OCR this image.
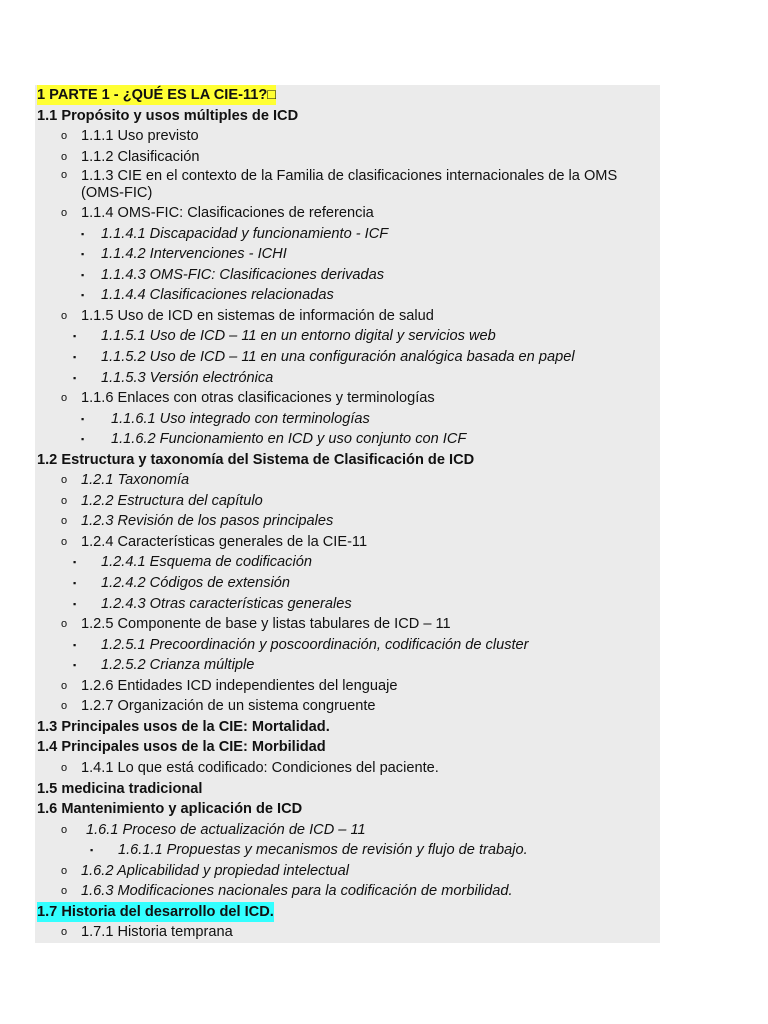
1 PARTE 1 - ¿QUÉ ES LA CIE-11?□
1.1 Propósito y usos múltiples de ICD
o 1.1.1 Uso previsto
o 1.1.2 Clasificación
o 1.1.3 CIE en el contexto de la Familia de clasificaciones internacionales de la OMS (OMS-FIC)
o 1.1.4 OMS-FIC: Clasificaciones de referencia
▪ 1.1.4.1 Discapacidad y funcionamiento - ICF
▪ 1.1.4.2 Intervenciones - ICHI
▪ 1.1.4.3 OMS-FIC: Clasificaciones derivadas
▪ 1.1.4.4 Clasificaciones relacionadas
o 1.1.5 Uso de ICD en sistemas de información de salud
▪ 1.1.5.1 Uso de ICD – 11 en un entorno digital y servicios web
▪ 1.1.5.2 Uso de ICD – 11 en una configuración analógica basada en papel
▪ 1.1.5.3 Versión electrónica
o 1.1.6 Enlaces con otras clasificaciones y terminologías
▪ 1.1.6.1 Uso integrado con terminologías
▪ 1.1.6.2 Funcionamiento en ICD y uso conjunto con ICF
1.2 Estructura y taxonomía del Sistema de Clasificación de ICD
o 1.2.1 Taxonomía
o 1.2.2 Estructura del capítulo
o 1.2.3 Revisión de los pasos principales
o 1.2.4 Características generales de la CIE-11
▪ 1.2.4.1 Esquema de codificación
▪ 1.2.4.2 Códigos de extensión
▪ 1.2.4.3 Otras características generales
o 1.2.5 Componente de base y listas tabulares de ICD – 11
▪ 1.2.5.1 Precoordinación y poscoordinación, codificación de cluster
▪ 1.2.5.2 Crianza múltiple
o 1.2.6 Entidades ICD independientes del lenguaje
o 1.2.7 Organización de un sistema congruente
1.3 Principales usos de la CIE: Mortalidad.
1.4 Principales usos de la CIE: Morbilidad
o 1.4.1 Lo que está codificado: Condiciones del paciente.
1.5 medicina tradicional
1.6 Mantenimiento y aplicación de ICD
o 1.6.1 Proceso de actualización de ICD – 11
▪ 1.6.1.1 Propuestas y mecanismos de revisión y flujo de trabajo.
o 1.6.2 Aplicabilidad y propiedad intelectual
o 1.6.3 Modificaciones nacionales para la codificación de morbilidad.
1.7 Historia del desarrollo del ICD.
o 1.7.1 Historia temprana
